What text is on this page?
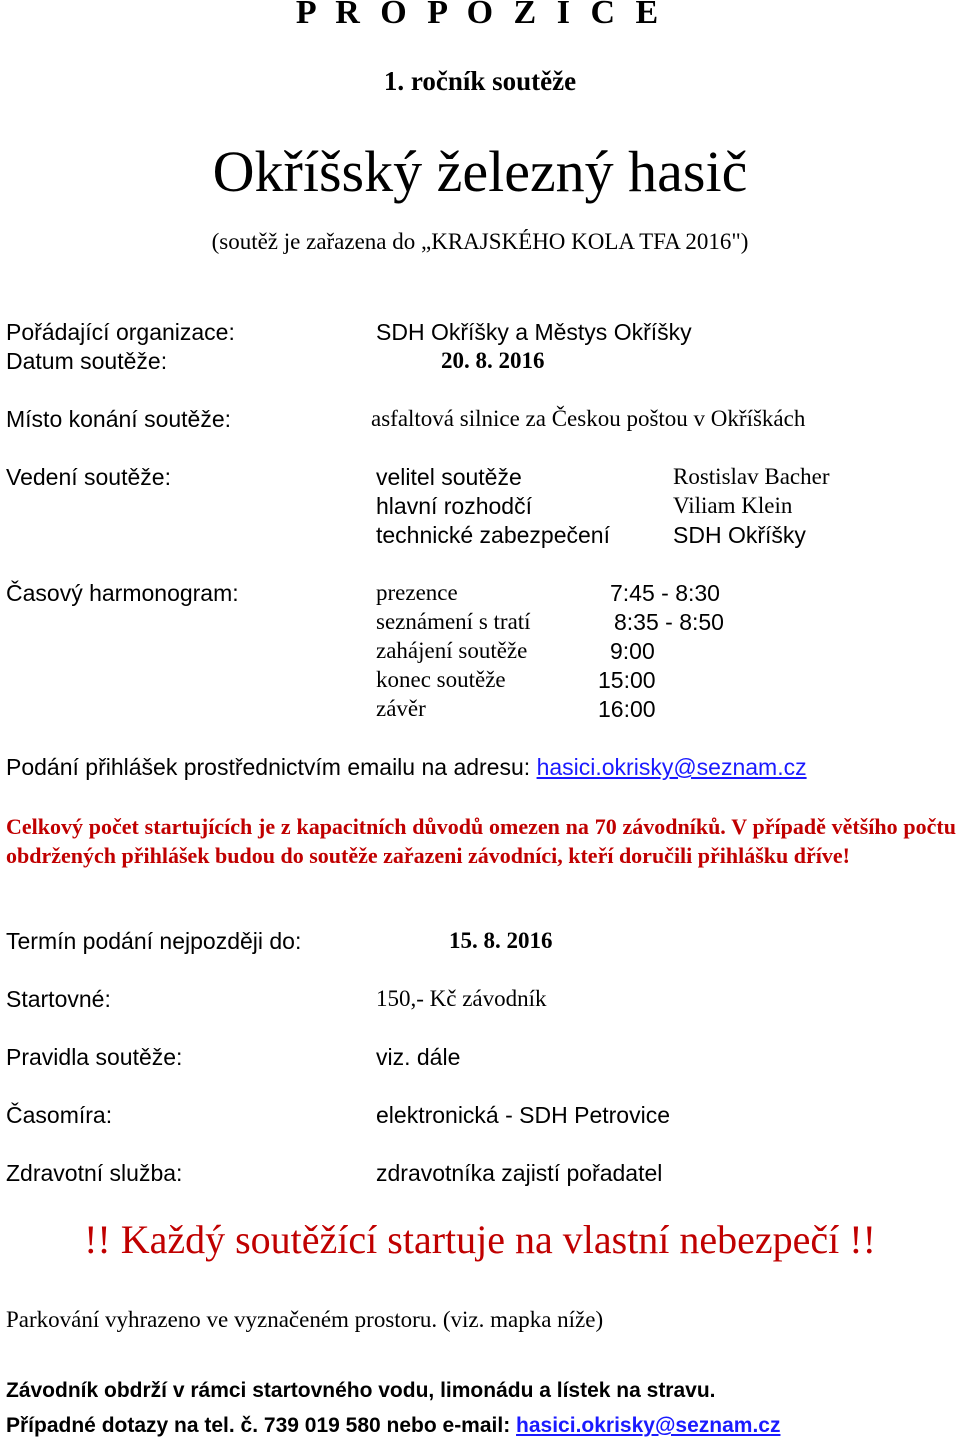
P R O P O Z I C E
1. ročník soutěže
Okříšský železný hasič
(soutěž je zařazena do „KRAJSKÉHO KOLA TFA 2016")
Pořádající organizace:	SDH Okříšky a Městys Okříšky
Datum soutěže:	20. 8. 2016
Místo konání soutěže:	asfaltová silnice za Českou poštou v Okříškách
Vedení soutěže:	velitel soutěže	Rostislav Bacher
hlavní rozhodčí	Viliam Klein
technické zabezpečení	SDH Okříšky
Časový harmonogram:	prezence	7:45 - 8:30
seznámení s tratí	8:35 - 8:50
zahájení soutěže	9:00
konec soutěže	15:00
závěr	16:00
Podání přihlášek prostřednictvím emailu na adresu: hasici.okrisky@seznam.cz
Celkový počet startujících je z kapacitních důvodů omezen na 70 závodníků. V případě většího počtu obdržených přihlášek budou do soutěže zařazeni závodníci, kteří doručili přihlášku dříve!
Termín podání nejpozději do:	15. 8. 2016
Startovné:	150,- Kč závodník
Pravidla soutěže:	viz. dále
Časomíra:	elektronická - SDH Petrovice
Zdravotní služba:	zdravotníka zajistí pořadatel
!! Každý soutěžící startuje na vlastní nebezpečí !!
Parkování vyhrazeno ve vyznačeném prostoru. (viz. mapka níže)
Závodník obdrží v rámci startovného vodu, limonádu a lístek na stravu.
Případné dotazy na tel. č. 739 019 580 nebo e-mail: hasici.okrisky@seznam.cz
